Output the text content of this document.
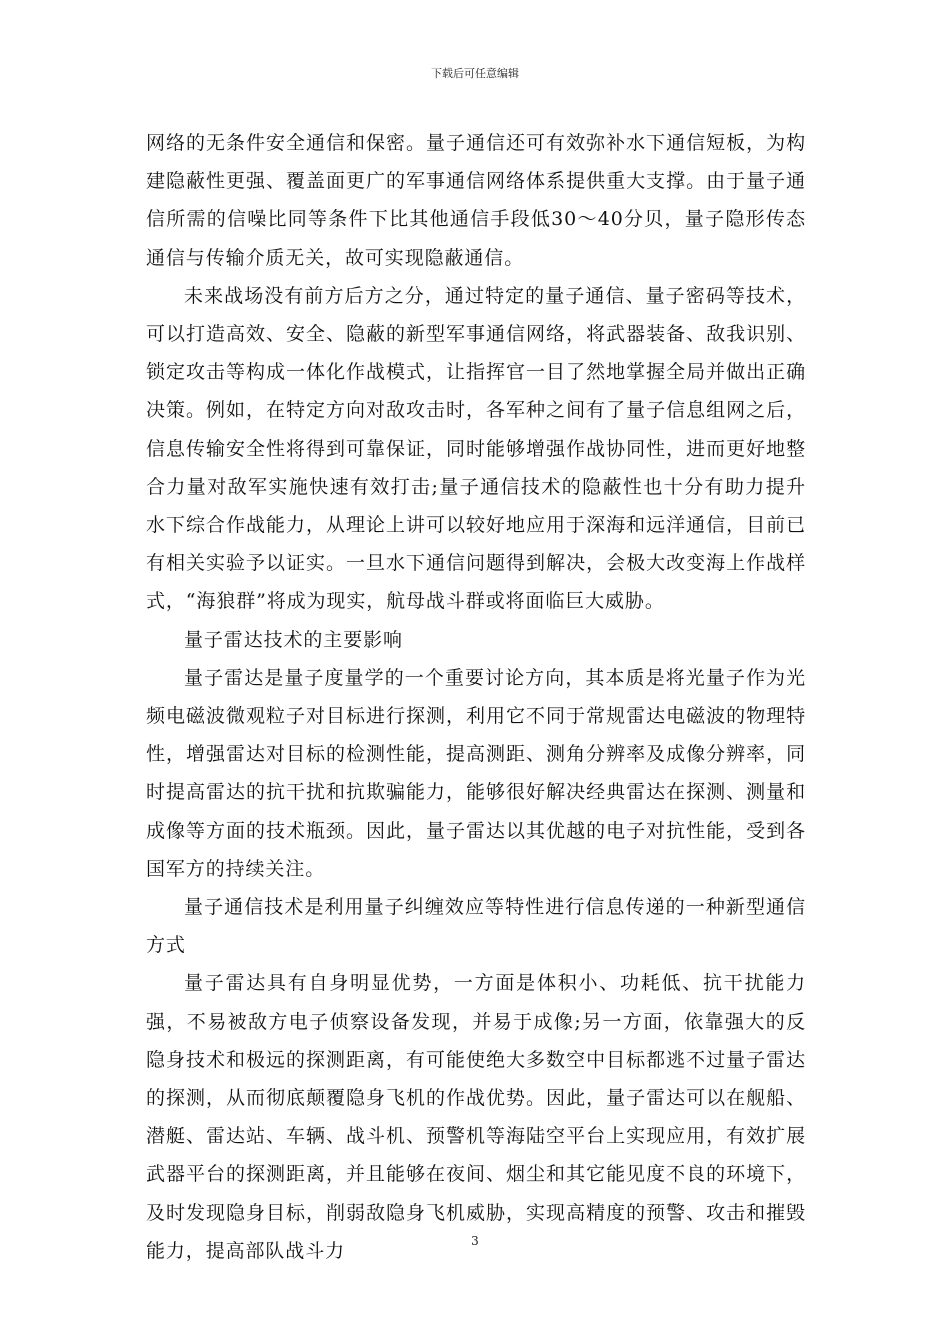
下载后可任意编辑

网络的无条件安全通信和保密。量子通信还可有效弥补水下通信短板，为构建隐蔽性更强、覆盖面更广的军事通信网络体系提供重大支撑。由于量子通信所需的信噪比同等条件下比其他通信手段低30～40分贝，量子隐形传态通信与传输介质无关，故可实现隐蔽通信。

未来战场没有前方后方之分，通过特定的量子通信、量子密码等技术，可以打造高效、安全、隐蔽的新型军事通信网络，将武器装备、敌我识别、锁定攻击等构成一体化作战模式，让指挥官一目了然地掌握全局并做出正确决策。例如，在特定方向对敌攻击时，各军种之间有了量子信息组网之后，信息传输安全性将得到可靠保证，同时能够增强作战协同性，进而更好地整合力量对敌军实施快速有效打击;量子通信技术的隐蔽性也十分有助力提升水下综合作战能力，从理论上讲可以较好地应用于深海和远洋通信，目前已有相关实验予以证实。一旦水下通信问题得到解决，会极大改变海上作战样式，“海狼群”将成为现实，航母战斗群或将面临巨大威胁。

量子雷达技术的主要影响

量子雷达是量子度量学的一个重要讨论方向，其本质是将光量子作为光频电磁波微观粒子对目标进行探测，利用它不同于常规雷达电磁波的物理特性，增强雷达对目标的检测性能，提高测距、测角分辨率及成像分辨率，同时提高雷达的抗干扰和抗欺骗能力，能够很好解决经典雷达在探测、测量和成像等方面的技术瓶颈。因此，量子雷达以其优越的电子对抗性能，受到各国军方的持续关注。

量子通信技术是利用量子纠缠效应等特性进行信息传递的一种新型通信方式

量子雷达具有自身明显优势，一方面是体积小、功耗低、抗干扰能力强，不易被敌方电子侦察设备发现，并易于成像;另一方面，依靠强大的反隐身技术和极远的探测距离，有可能使绝大多数空中目标都逃不过量子雷达的探测，从而彻底颠覆隐身飞机的作战优势。因此，量子雷达可以在舰船、潜艇、雷达站、车辆、战斗机、预警机等海陆空平台上实现应用，有效扩展武器平台的探测距离，并且能够在夜间、烟尘和其它能见度不良的环境下，及时发现隐身目标，削弱敌隐身飞机威胁，实现高精度的预警、攻击和摧毁能力，提高部队战斗力	3
